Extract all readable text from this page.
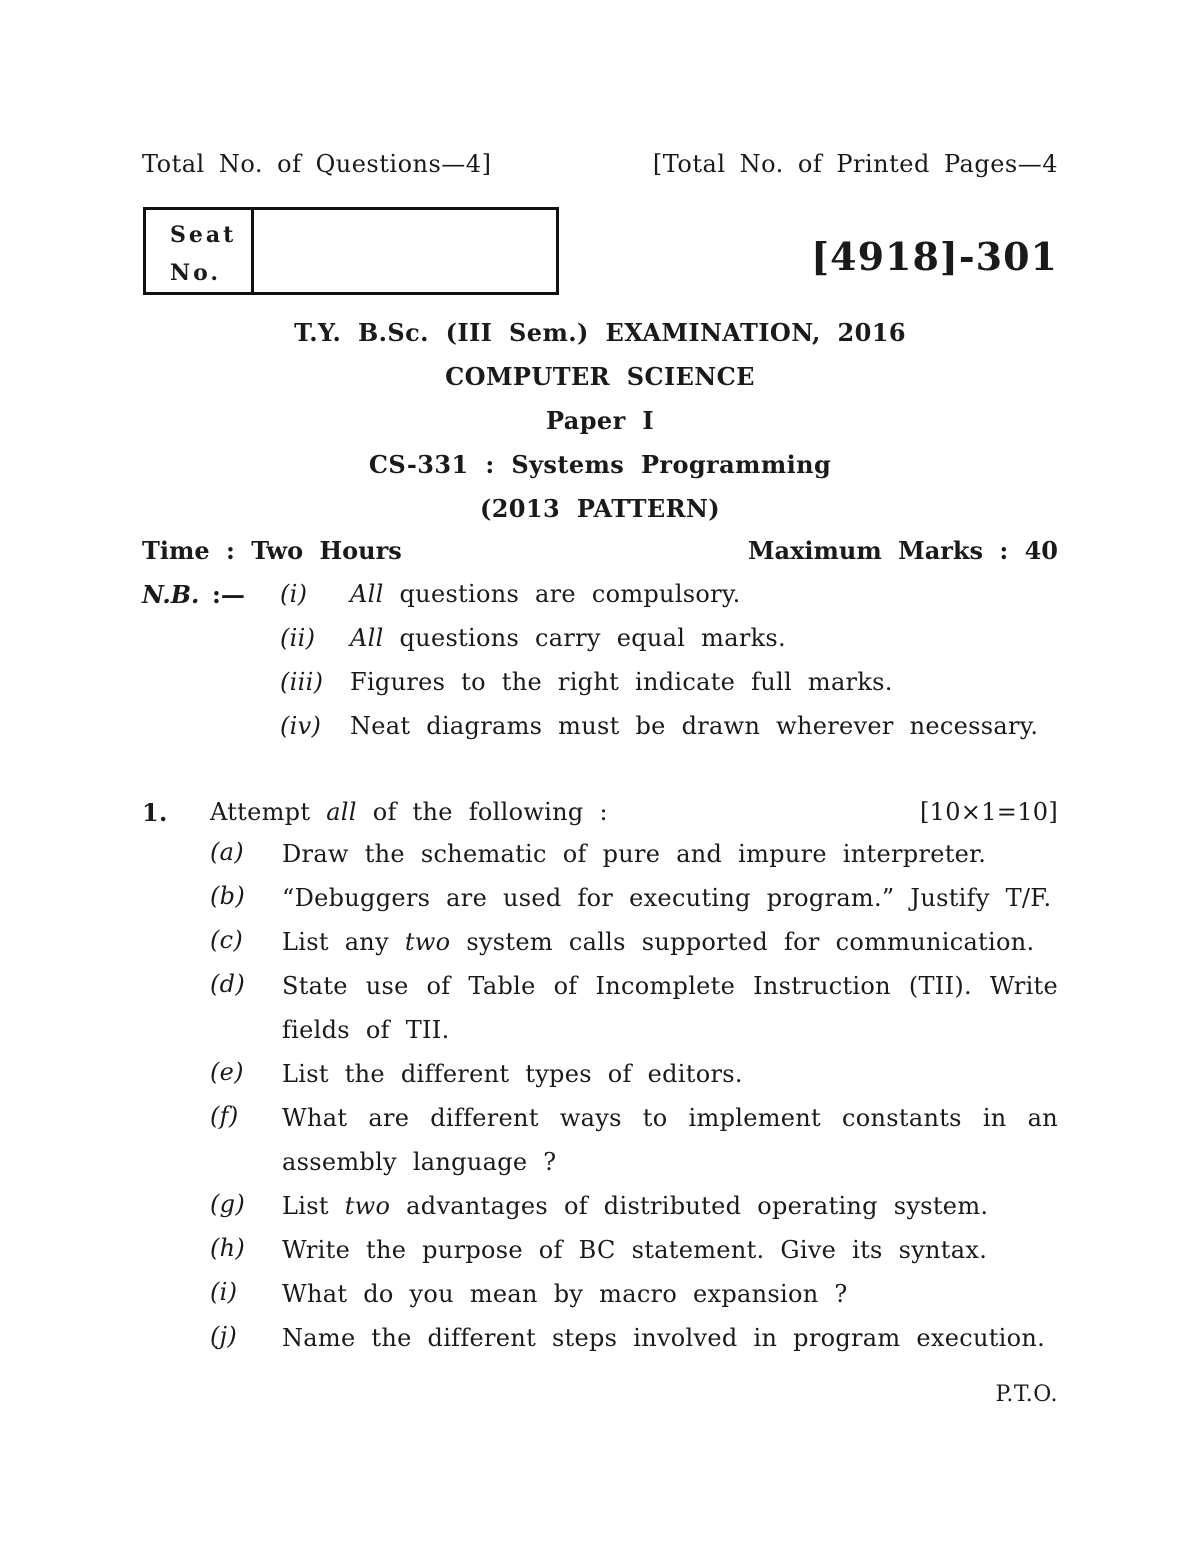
Total No. of Questions—4]	[Total No. of Printed Pages—4
Seat
No.	[4918]-301
T.Y. B.Sc. (III Sem.) EXAMINATION, 2016
COMPUTER SCIENCE
Paper I
CS-331 : Systems Programming
(2013 PATTERN)
Time : Two Hours	Maximum Marks : 40
N.B. :— (i) All questions are compulsory.
(ii) All questions carry equal marks.
(iii) Figures to the right indicate full marks.
(iv) Neat diagrams must be drawn wherever necessary.
1. Attempt all of the following :	[10×1=10]
(a) Draw the schematic of pure and impure interpreter.
(b) “Debuggers are used for executing program.” Justify T/F.
(c) List any two system calls supported for communication.
(d) State use of Table of Incomplete Instruction (TII). Write fields of TII.
(e) List the different types of editors.
(f) What are different ways to implement constants in an assembly language ?
(g) List two advantages of distributed operating system.
(h) Write the purpose of BC statement. Give its syntax.
(i) What do you mean by macro expansion ?
(j) Name the different steps involved in program execution.
P.T.O.
